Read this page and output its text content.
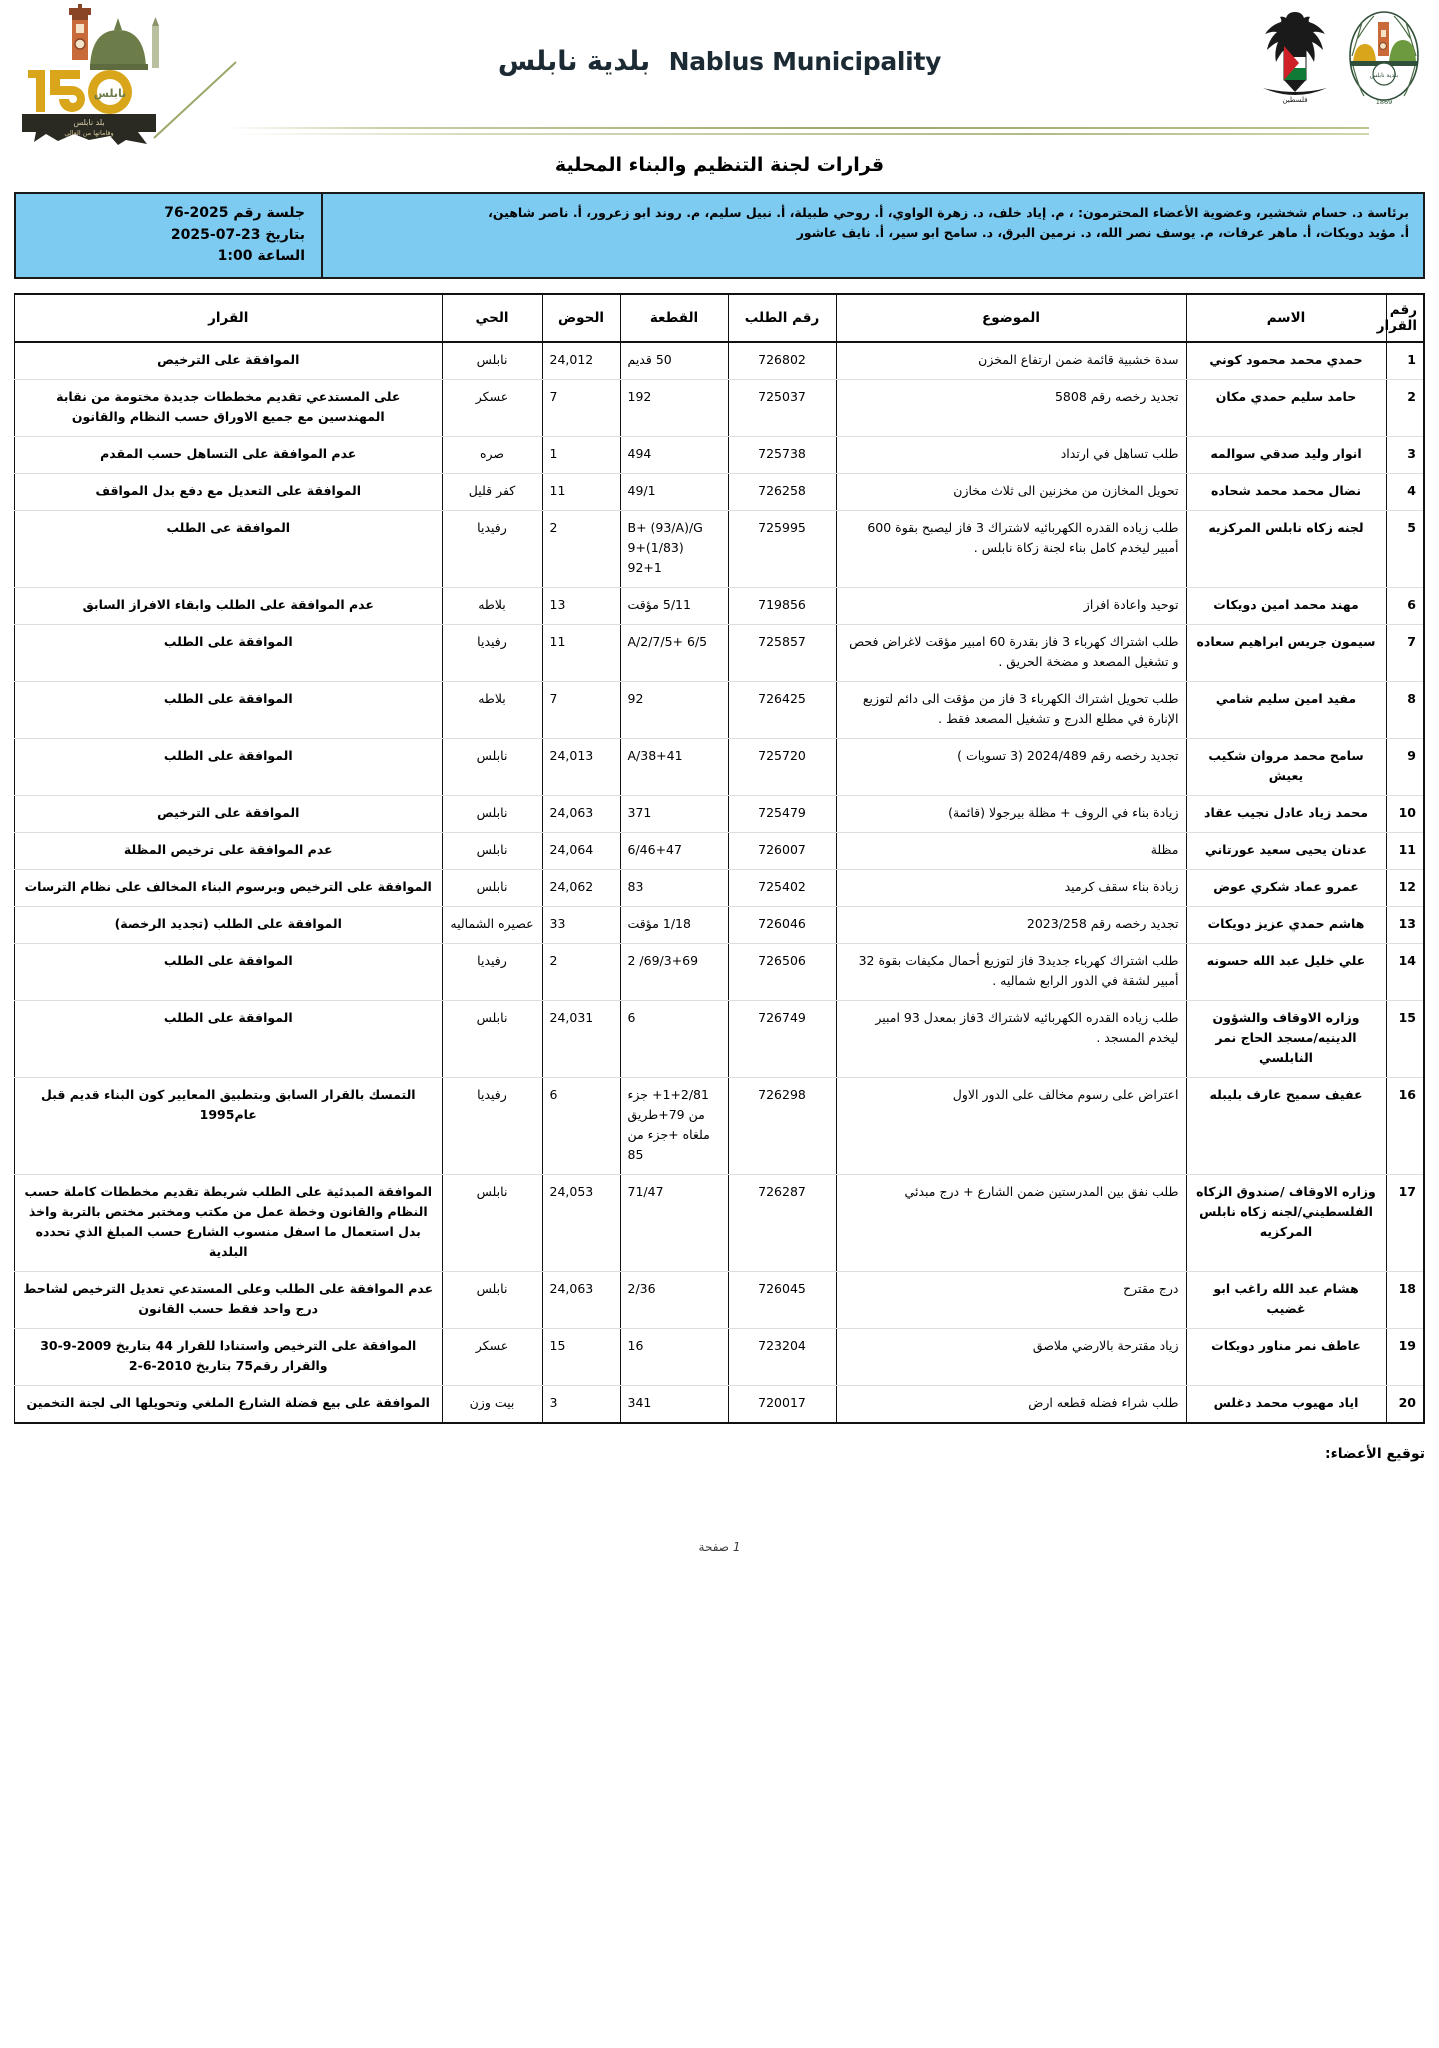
نابلس
بلد نابلس
وقاماتها من العالي
Nablus Municipality بلدية نابلس	بلدية نابلس
1869
فلسطين
قرارات لجنة التنظيم والبناء المحلية
برئاسة د. حسام شخشير، وعضوية الأعضاء المحترمون: ، م. إياد خلف، د. زهرة الواوي، أ. روحي طبيلة، أ. نبيل سليم، م. روند ابو زعرور، أ. ناصر شاهين،
أ. مؤيد دويكات، أ. ماهر عرفات، م. يوسف نصر الله، د. نرمين البرق، د. سامح ابو سير، أ. نايف عاشور
جلسة رقم 2025-76
بتاريخ 23-07-2025
الساعة 1:00
رقم القرار	الاسم	الموضوع	رقم الطلب	القطعة	الحوض	الحي	القرار
1	حمدي محمد محمود كوني	سدة خشبية قائمة ضمن ارتفاع المخزن	726802	50 قديم	24,012	نابلس	الموافقة على الترخيص
2	حامد سليم حمدي مكان	تجديد رخصه رقم 5808	725037	192	7	عسكر	على المستدعي تقديم مخططات جديدة مختومة من نقابة المهندسين مع جميع الاوراق حسب النظام والقانون
3	انوار وليد صدقي سوالمه	طلب تساهل في ارتداد	725738	494	1	صره	عدم الموافقة على التساهل حسب المقدم
4	نضال محمد محمد شحاده	تحويل المخازن من مخزنين الى ثلاث مخازن	726258	49/1	11	كفر قليل	الموافقة على التعديل مع دفع بدل المواقف
5	لجنه زكاه نابلس المركزيه	طلب زياده القدره الكهربائيه لاشتراك 3 فاز ليصبح بقوة 600 أمبير ليخدم كامل بناء لجنة زكاة نابلس .	725995	B+ (93/A)/G 9+(1/83) 92+1	2	رفيديا	الموافقة عى الطلب
6	مهند محمد امين دويكات	توحيد واعادة افراز	719856	5/11 مؤقت	13	بلاطه	عدم الموافقة على الطلب وابقاء الافراز السابق
7	سيمون جريس ابراهيم سعاده	طلب اشتراك كهرباء 3 فاز بقدرة 60 امبير مؤقت لاغراض فحص و تشغيل المصعد و مضخة الحريق .	725857	A/2/7/5+ 6/5	11	رفيديا	الموافقة على الطلب
8	مفيد امين سليم شامي	طلب تحويل اشتراك الكهرباء 3 فاز من مؤقت الى دائم لتوزيع الإنارة في مطلع الدرج و تشغيل المصعد فقط .	726425	92	7	بلاطه	الموافقة على الطلب
9	سامح محمد مروان شكيب يعيش	تجديد رخصه رقم 2024/489 (3 تسويات )	725720	A/38+41	24,013	نابلس	الموافقة على الطلب
10	محمد زياد عادل نجيب عقاد	زيادة بناء في الروف + مظلة بيرجولا (قائمة)	725479	371	24,063	نابلس	الموافقة على الترخيص
11	عدنان يحيى سعيد عورتاني	مظلة	726007	6/46+47	24,064	نابلس	عدم الموافقة على ترخيص المظلة
12	عمرو عماد شكري عوض	زيادة بناء سقف كرميد	725402	83	24,062	نابلس	الموافقة على الترخيص وبرسوم البناء المخالف على نظام الترسات
13	هاشم حمدي عزيز دويكات	تجديد رخصه رقم 2023/258	726046	1/18 مؤقت	33	عصيره الشماليه	الموافقة على الطلب (تجديد الرخصة)
14	علي خليل عبد الله حسونه	طلب اشتراك كهرباء جديد3 فاز لتوزيع أحمال مكيفات بقوة 32 أمبير لشقة في الدور الرابع شماليه .	726506	69/3+69/ 2	2	رفيديا	الموافقة على الطلب
15	وزاره الاوقاف والشؤون الدينيه/مسجد الحاج نمر النابلسي	طلب زياده القدره الكهربائيه لاشتراك 3فاز بمعدل 93 امبير ليخدم المسجد .	726749	6	24,031	نابلس	الموافقة على الطلب
16	عفيف سميح عارف بليبله	اعتراض على رسوم مخالف على الدور الاول	726298	1+2/81+ جزء من 79+طريق ملغاه +جزء من 85	6	رفيديا	التمسك بالقرار السابق وبتطبيق المعايير كون البناء قديم قبل عام1995
17	وزاره الاوقاف /صندوق الزكاه الفلسطيني/لجنه زكاه نابلس المركزيه	طلب نفق بين المدرستين ضمن الشارع + درج مبدئي	726287	71/47	24,053	نابلس	الموافقة المبدئية على الطلب شريطة تقديم مخططات كاملة حسب النظام والقانون وخطة عمل من مكتب ومختبر مختص بالتربة واخذ بدل استعمال ما اسفل منسوب الشارع حسب المبلغ الذي تحدده البلدية
18	هشام عبد الله راغب ابو غضيب	درج مقترح	726045	2/36	24,063	نابلس	عدم الموافقة على الطلب وعلى المستدعي تعديل الترخيص لشاحط درج واحد فقط حسب القانون
19	عاطف نمر مناور دويكات	زياد مقترحة بالارضي ملاصق	723204	16	15	عسكر	الموافقة على الترخيص واستنادا للقرار 44 بتاريخ 2009-9-30 والقرار رقم75 بتاريخ 2010-6-2
20	اياد مهيوب محمد دغلس	طلب شراء فضله قطعه ارض	720017	341	3	بيت وزن	الموافقة على بيع فضلة الشارع الملغي وتحويلها الى لجنة التخمين
توقيع الأعضاء:
1 صفحة
